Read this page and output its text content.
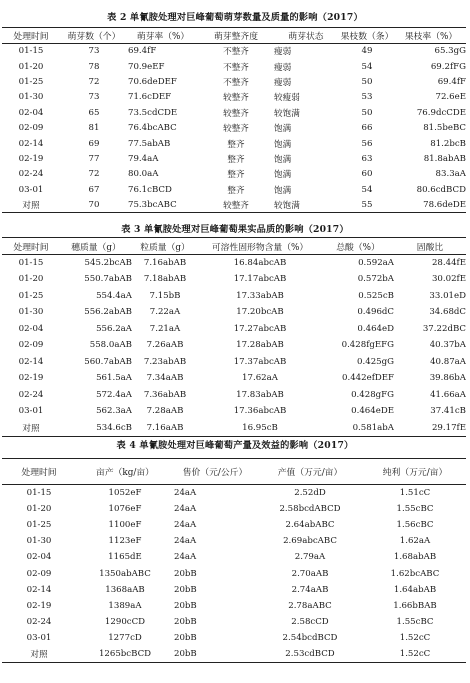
表 2 单氰胺处理对巨峰葡萄萌芽数量及质量的影响（2017）
处理时间	萌芽数（个）	萌芽率（%）	萌芽整齐度	萌芽状态	果枝数（条）	果枝率（%）
01-15	73	69.4fF	不整齐	瘦弱	49	65.3gG
01-20	78	70.9eEF	不整齐	瘦弱	54	69.2fFG
01-25	72	70.6deDEF	不整齐	瘦弱	50	69.4fF
01-30	73	71.6cDEF	较整齐	较瘦弱	53	72.6eE
02-04	65	73.5cdCDE	较整齐	较饱满	50	76.9dcCDE
02-09	81	76.4bcABC	较整齐	饱满	66	81.5beBC
02-14	69	77.5abAB	整齐	饱满	56	81.2bcB
02-19	77	79.4aA	整齐	饱满	63	81.8abAB
02-24	72	80.0aA	整齐	饱满	60	83.3aA
03-01	67	76.1cBCD	整齐	饱满	54	80.6cdBCD
对照	70	75.3bcABC	较整齐	较饱满	55	78.6deDE
表 3 单氰胺处理对巨峰葡萄果实品质的影响（2017）
处理时间	穗质量（g）	粒质量（g）	可溶性固形物含量（%）	总酸（%）	固酸比
01-15	545.2bcAB	7.16abAB	16.84abcAB	0.592aA	28.44fE
01-20	550.7abAB	7.18abAB	17.17abcAB	0.572bA	30.02fE
01-25	554.4aA	7.15bB	17.33abAB	0.525cB	33.01eD
01-30	556.2abAB	7.22aA	17.20bcAB	0.496dC	34.68dC
02-04	556.2aA	7.21aA	17.27abcAB	0.464eD	37.22dBC
02-09	558.0aAB	7.26aAB	17.28abAB	0.428fgEFG	40.37bA
02-14	560.7abAB	7.23abAB	17.37abcAB	0.425gG	40.87aA
02-19	561.5aA	7.34aAB	17.62aA	0.442efDEF	39.86bA
02-24	572.4aA	7.36abAB	17.83abAB	0.428gFG	41.66aA
03-01	562.3aA	7.28aAB	17.36abcAB	0.464eDE	37.41cB
对照	534.6cB	7.16aAB	16.95cB	0.581abA	29.17fE
表 4 单氰胺处理对巨峰葡萄产量及效益的影响（2017）
处理时间	亩产（kg/亩）	售价（元/公斤）	产值（万元/亩）	纯利（万元/亩）
01-15	1052eF	24aA	2.52dD	1.51cC
01-20	1076eF	24aA	2.58bcdABCD	1.55cBC
01-25	1100eF	24aA	2.64abABC	1.56cBC
01-30	1123eF	24aA	2.69abcABC	1.62aA
02-04	1165dE	24aA	2.79aA	1.68abAB
02-09	1350abABC	20bB	2.70aAB	1.62bcABC
02-14	1368aAB	20bB	2.74aAB	1.64abAB
02-19	1389aA	20bB	2.78aABC	1.66bBAB
02-24	1290cCD	20bB	2.58cCD	1.55cBC
03-01	1277cD	20bB	2.54bcdBCD	1.52cC
对照	1265bcBCD	20bB	2.53cdBCD	1.52cC
